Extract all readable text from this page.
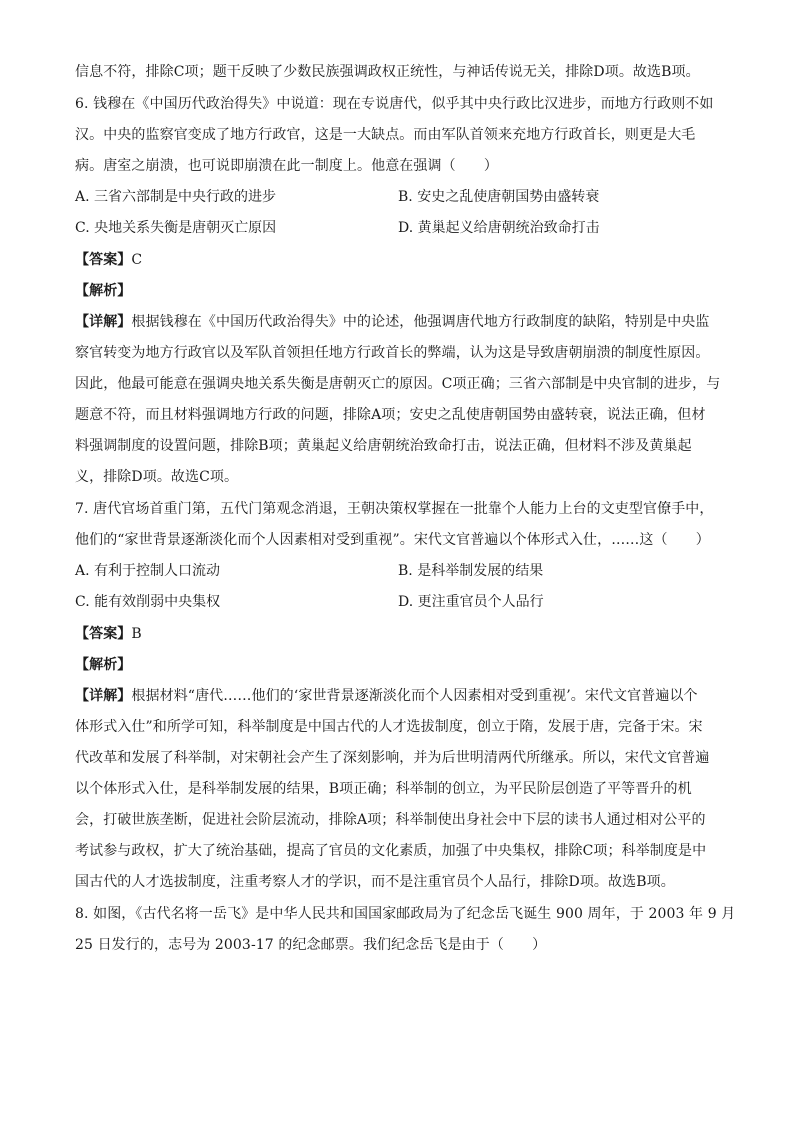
信息不符，排除C项；题干反映了少数民族强调政权正统性，与神话传说无关，排除D项。故选B项。
6. 钱穆在《中国历代政治得失》中说道：现在专说唐代，似乎其中央行政比汉进步，而地方行政则不如
汉。中央的监察官变成了地方行政官，这是一大缺点。而由军队首领来充地方行政首长，则更是大毛
病。唐室之崩溃，也可说即崩溃在此一制度上。他意在强调（　　）
A. 三省六部制是中央行政的进步	B. 安史之乱使唐朝国势由盛转衰
C. 央地关系失衡是唐朝灭亡原因	D. 黄巢起义给唐朝统治致命打击
【答案】C
【解析】
【详解】根据钱穆在《中国历代政治得失》中的论述，他强调唐代地方行政制度的缺陷，特别是中央监
察官转变为地方行政官以及军队首领担任地方行政首长的弊端，认为这是导致唐朝崩溃的制度性原因。
因此，他最可能意在强调央地关系失衡是唐朝灭亡的原因。C项正确；三省六部制是中央官制的进步，与
题意不符，而且材料强调地方行政的问题，排除A项；安史之乱使唐朝国势由盛转衰，说法正确，但材
料强调制度的设置问题，排除B项；黄巢起义给唐朝统治致命打击，说法正确，但材料不涉及黄巢起
义，排除D项。故选C项。
7. 唐代官场首重门第，五代门第观念消退，王朝决策权掌握在一批靠个人能力上台的文吏型官僚手中，
他们的“家世背景逐渐淡化而个人因素相对受到重视”。宋代文官普遍以个体形式入仕，……这（　　）
A. 有利于控制人口流动	B. 是科举制发展的结果
C. 能有效削弱中央集权	D. 更注重官员个人品行
【答案】B
【解析】
【详解】根据材料“唐代……他们的‘家世背景逐渐淡化而个人因素相对受到重视’。宋代文官普遍以个
体形式入仕”和所学可知，科举制度是中国古代的人才选拔制度，创立于隋，发展于唐，完备于宋。宋
代改革和发展了科举制，对宋朝社会产生了深刻影响，并为后世明清两代所继承。所以，宋代文官普遍
以个体形式入仕，是科举制发展的结果，B项正确；科举制的创立，为平民阶层创造了平等晋升的机
会，打破世族垄断，促进社会阶层流动，排除A项；科举制使出身社会中下层的读书人通过相对公平的
考试参与政权，扩大了统治基础，提高了官员的文化素质，加强了中央集权，排除C项；科举制度是中
国古代的人才选拔制度，注重考察人才的学识，而不是注重官员个人品行，排除D项。故选B项。
8. 如图，《古代名将一岳飞》是中华人民共和国国家邮政局为了纪念岳飞诞生 900 周年，于 2003 年 9 月
25 日发行的，志号为 2003-17 的纪念邮票。我们纪念岳飞是由于（　　）
